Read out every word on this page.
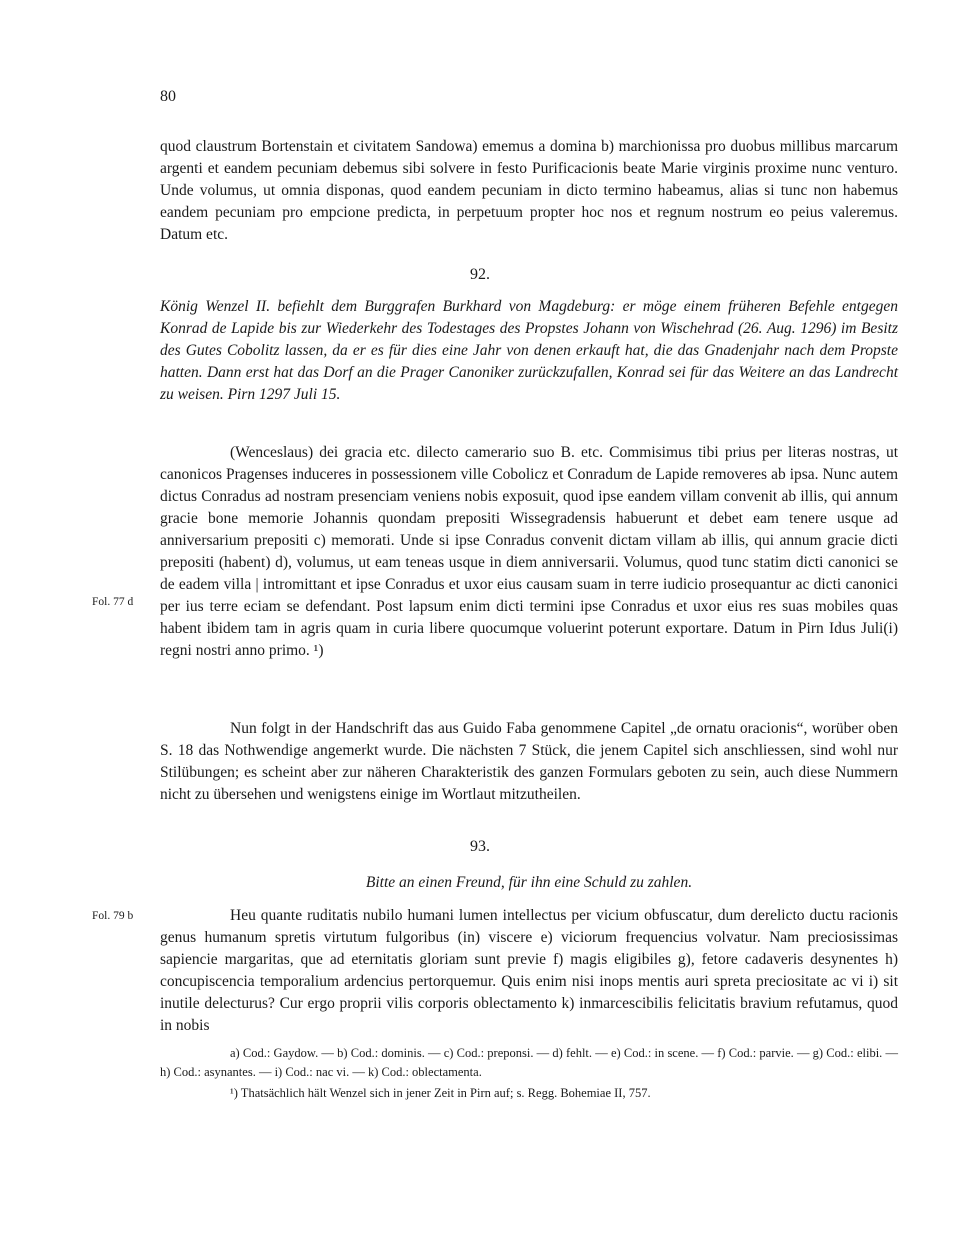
80

quod claustrum Bortenstain et civitatem Sandowa) ememus a domina b) marchionissa pro duobus millibus marcarum argenti et eandem pecuniam debemus sibi solvere in festo Purificacionis beate Marie virginis proxime nunc venturo. Unde volumus, ut omnia disponas, quod eandem pecuniam in dicto termino habeamus, alias si tunc non habemus eandem pecuniam pro empcione predicta, in perpetuum propter hoc nos et regnum nostrum eo peius valeremus. Datum etc.

92.

König Wenzel II. befiehlt dem Burggrafen Burkhard von Magdeburg: er möge einem früheren Befehle entgegen Konrad de Lapide bis zur Wiederkehr des Todestages des Propstes Johann von Wischehrad (26. Aug. 1296) im Besitz des Gutes Cobolitz lassen, da er es für dies eine Jahr von denen erkauft hat, die das Gnadenjahr nach dem Propste hatten. Dann erst hat das Dorf an die Prager Canoniker zurückzufallen, Konrad sei für das Weitere an das Landrecht zu weisen. Pirn 1297 Juli 15.

Fol. 77 d

(Wenceslaus) dei gracia etc. dilecto camerario suo B. etc. Commisimus tibi prius per literas nostras, ut canonicos Pragenses induceres in possessionem ville Cobolicz et Conradum de Lapide removeres ab ipsa. Nunc autem dictus Conradus ad nostram presenciam veniens nobis exposuit, quod ipse eandem villam convenit ab illis, qui annum gracie bone memorie Johannis quondam prepositi Wissegradensis habuerunt et debet eam tenere usque ad anniversarium prepositi c) memorati. Unde si ipse Conradus convenit dictam villam ab illis, qui annum gracie dicti prepositi (habent) d), volumus, ut eam teneas usque in diem anniversarii. Volumus, quod tunc statim dicti canonici se de eadem villa | intromittant et ipse Conradus et uxor eius causam suam in terre iudicio prosequantur ac dicti canonici per ius terre eciam se defendant. Post lapsum enim dicti termini ipse Conradus et uxor eius res suas mobiles quas habent ibidem tam in agris quam in curia libere quocumque voluerint poterunt exportare. Datum in Pirn Idus Juli(i) regni nostri anno primo. ¹)

Nun folgt in der Handschrift das aus Guido Faba genommene Capitel „de ornatu oracionis“, worüber oben S. 18 das Nothwendige angemerkt wurde. Die nächsten 7 Stück, die jenem Capitel sich anschliessen, sind wohl nur Stilübungen; es scheint aber zur näheren Charakteristik des ganzen Formulars geboten zu sein, auch diese Nummern nicht zu übersehen und wenigstens einige im Wortlaut mitzutheilen.

93.

Bitte an einen Freund, für ihn eine Schuld zu zahlen.

Fol. 79 b	Heu quante ruditatis nubilo humani lumen intellectus per vicium obfuscatur, dum derelicto ductu racionis genus humanum spretis virtutum fulgoribus (in) viscere e) viciorum frequencius volvatur. Nam preciosissimas sapiencie margaritas, que ad eternitatis gloriam sunt previe f) magis eligibiles g), fetore cadaveris desynentes h) concupiscencia temporalium ardencius pertorquemur. Quis enim nisi inops mentis auri spreta preciositate ac vi i) sit inutile delecturus? Cur ergo proprii vilis corporis oblectamento k) inmarcescibilis felicitatis bravium refutamus, quod in nobis

a) Cod.: Gaydow. — b) Cod.: dominis. — c) Cod.: preponsi. — d) fehlt. — e) Cod.: in scene. — f) Cod.: parvie. — g) Cod.: elibi. — h) Cod.: asynantes. — i) Cod.: nac vi. — k) Cod.: oblectamenta.

¹) Thatsächlich hält Wenzel sich in jener Zeit in Pirn auf; s. Regg. Bohemiae II, 757.
